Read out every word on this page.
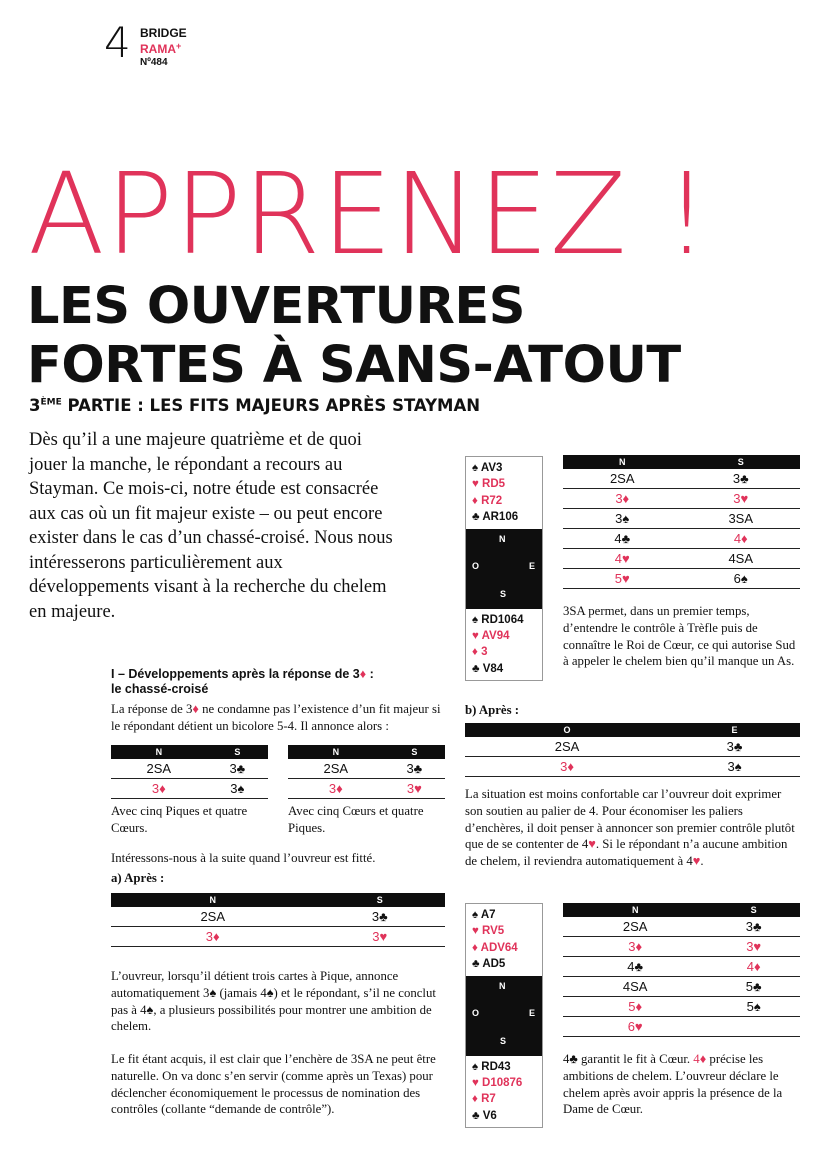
4 BRIDGE
RAMA+
Nº484
APPRENEZ !
LES OUVERTURES
FORTES À SANS-ATOUT
3ÈME PARTIE : LES FITS MAJEURS APRÈS STAYMAN
Dès qu’il a une majeure quatrième et de quoi jouer la manche, le répondant a recours au Stayman. Ce mois-ci, notre étude est consacrée aux cas où un fit majeur existe – ou peut encore exister dans le cas d’un chassé-croisé. Nous nous intéresserons particulièrement aux développements visant à la recherche du chelem en majeure.
I – Développements après la réponse de 3♦ :
le chassé-croisé
La réponse de 3♦ ne condamne pas l’existence d’un fit majeur si le répondant détient un bicolore 5-4. Il annonce alors :
N	S
2SA	3♣
3♦	3♠
N	S
2SA	3♣
3♦	3♥
Avec cinq Piques et quatre Cœurs.
Avec cinq Cœurs et quatre Piques.
Intéressons-nous à la suite quand l’ouvreur est fitté.
a) Après :
N	S
2SA	3♣
3♦	3♥
L’ouvreur, lorsqu’il détient trois cartes à Pique, annonce automatiquement 3♠ (jamais 4♠) et le répondant, s’il ne conclut pas à 4♠, a plusieurs possibilités pour montrer une ambition de chelem.
Le fit étant acquis, il est clair que l’enchère de 3SA ne peut être naturelle. On va donc s’en servir (comme après un Texas) pour déclencher économiquement le processus de nomination des contrôles (collante “demande de contrôle”).
♠ AV3
♥ RD5
♦ R72
♣ AR106
N
O	E
S
♠ RD1064
♥ AV94
♦ 3
♣ V84
N	S
2SA	3♣
3♦	3♥
3♠	3SA
4♣	4♦
4♥	4SA
5♥	6♠
3SA permet, dans un premier temps, d’entendre le contrôle à Trèfle puis de connaître le Roi de Cœur, ce qui autorise Sud à appeler le chelem bien qu’il manque un As.
b) Après :
O	E
2SA	3♣
3♦	3♠
La situation est moins confortable car l’ouvreur doit exprimer son soutien au palier de 4. Pour économiser les paliers d’enchères, il doit penser à annoncer son premier contrôle plutôt que de se contenter de 4♥. Si le répondant n’a aucune ambition de chelem, il reviendra automatiquement à 4♥.
♠ A7
♥ RV5
♦ ADV64
♣ AD5
N
O	E
S
♠ RD43
♥ D10876
♦ R7
♣ V6
N	S
2SA	3♣
3♦	3♥
4♣	4♦
4SA	5♣
5♦	5♠
6♥	
4♣ garantit le fit à Cœur. 4♦ précise les ambitions de chelem. L’ouvreur déclare le chelem après avoir appris la présence de la Dame de Cœur.
